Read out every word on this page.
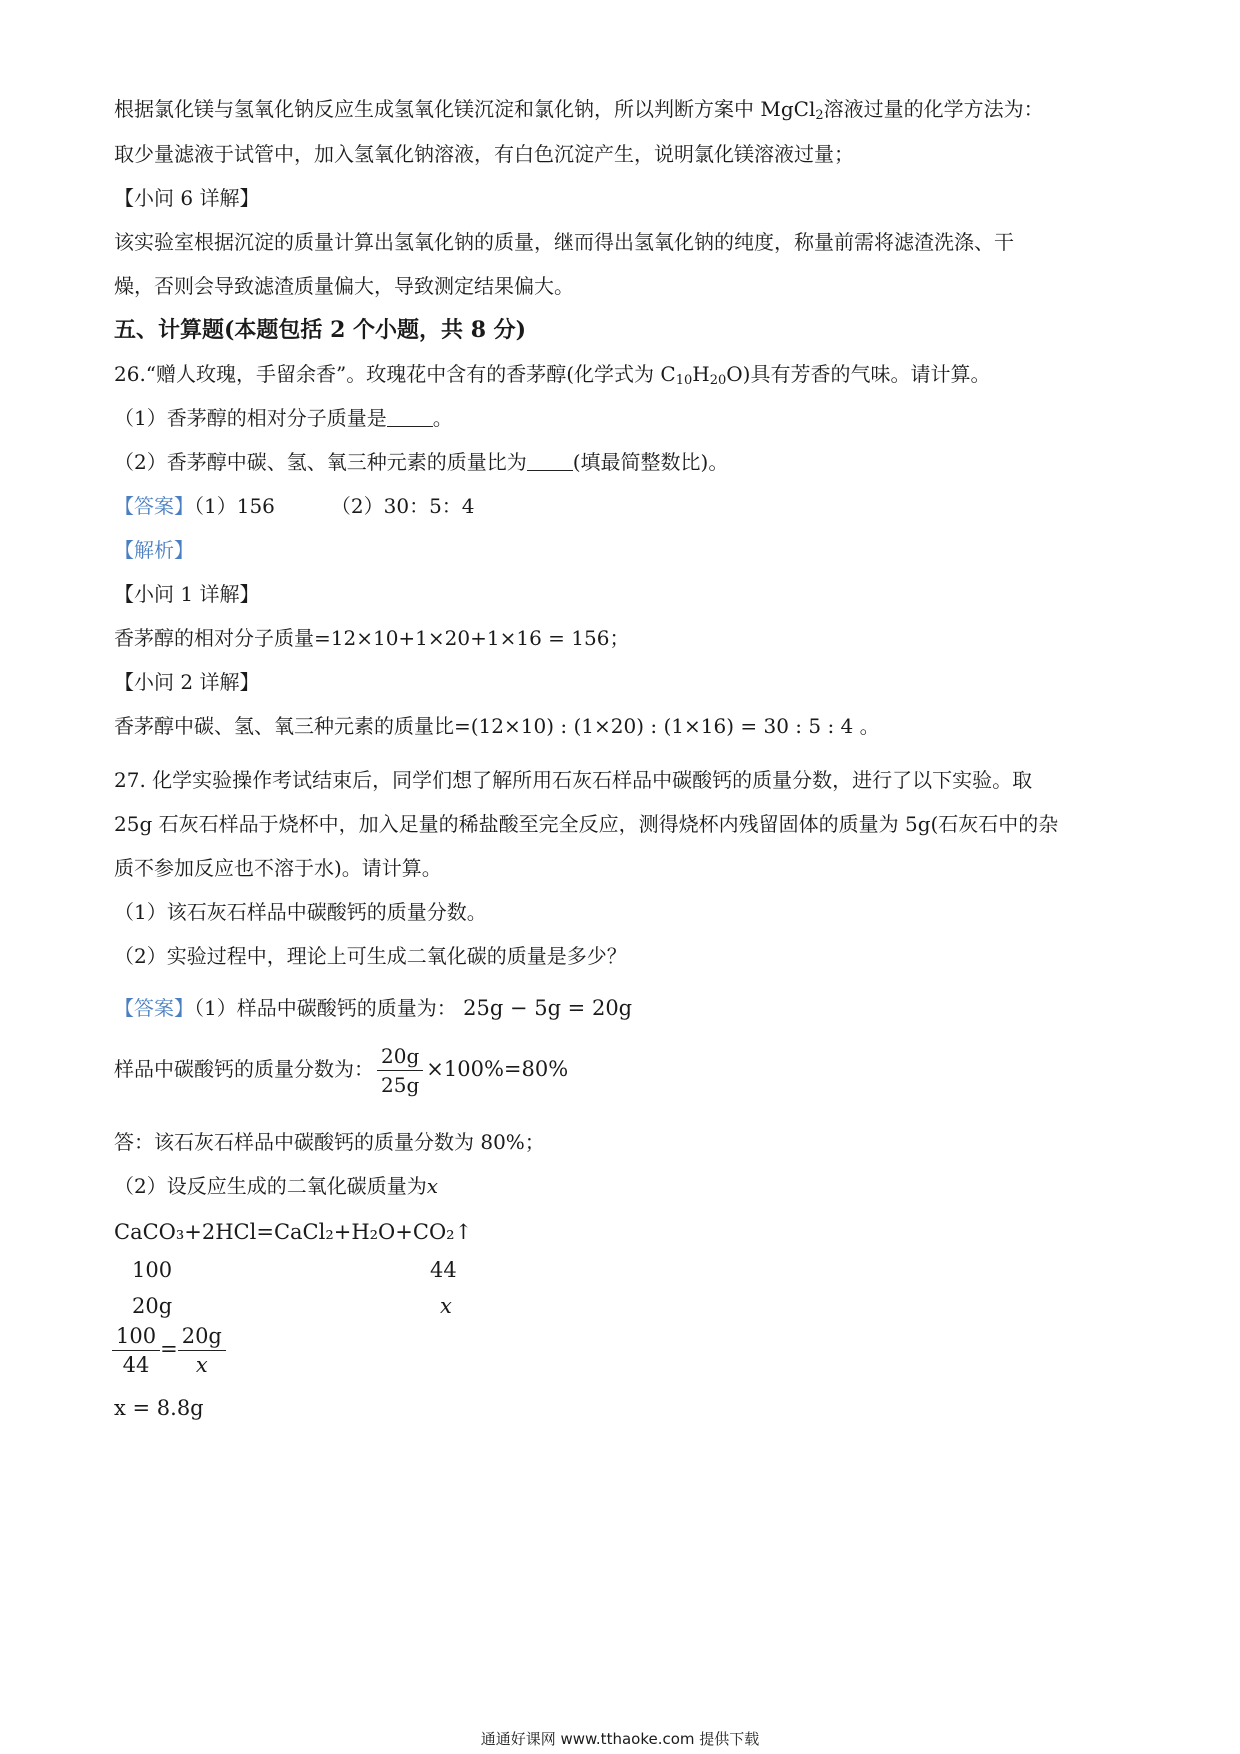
根据氯化镁与氢氧化钠反应生成氢氧化镁沉淀和氯化钠，所以判断方案中 MgCl$_2$溶液过量的化学方法为：
取少量滤液于试管中，加入氢氧化钠溶液，有白色沉淀产生，说明氯化镁溶液过量；
【小问 6 详解】
该实验室根据沉淀的质量计算出氢氧化钠的质量，继而得出氢氧化钠的纯度，称量前需将滤渣洗涤、干
燥，否则会导致滤渣质量偏大，导致测定结果偏大。
五、计算题(本题包括 2 个小题，共 8 分)
26.“赠人玫瑰，手留余香”。玫瑰花中含有的香茅醇(化学式为 $C_{10}H_{20}O$)具有芳香的气味。请计算。
（1）香茅醇的相对分子质量是 。
（2）香茅醇中碳、氢、氧三种元素的质量比为 (填最简整数比)。
【答案】（1）156	（2）30：5：4
【解析】
【小问 1 详解】
香茅醇的相对分子质量=12×10+1×20+1×16 = 156；
【小问 2 详解】
香茅醇中碳、氢、氧三种元素的质量比=(12×10) : (1×20) : (1×16) = 30 : 5 : 4 。
27. 化学实验操作考试结束后，同学们想了解所用石灰石样品中碳酸钙的质量分数，进行了以下实验。取
25g 石灰石样品于烧杯中，加入足量的稀盐酸至完全反应，测得烧杯内残留固体的质量为 5g(石灰石中的杂
质不参加反应也不溶于水)。请计算。
（1）该石灰石样品中碳酸钙的质量分数。
（2）实验过程中，理论上可生成二氧化碳的质量是多少？
【答案】（1）样品中碳酸钙的质量为： 25g − 5g = 20g
样品中碳酸钙的质量分数为： $\frac{20g}{25g} \times 100\%=80\%$
答：该石灰石样品中碳酸钙的质量分数为 80%；
（2）设反应生成的二氧化碳质量为x
CaCO₃+2HCl=CaCl₂+H₂O+CO₂↑
100	44
20g	x
$\frac{100}{44} = \frac{20g}{x}$
x = 8.8g
通通好课网 www.tthaoke.com 提供下载
